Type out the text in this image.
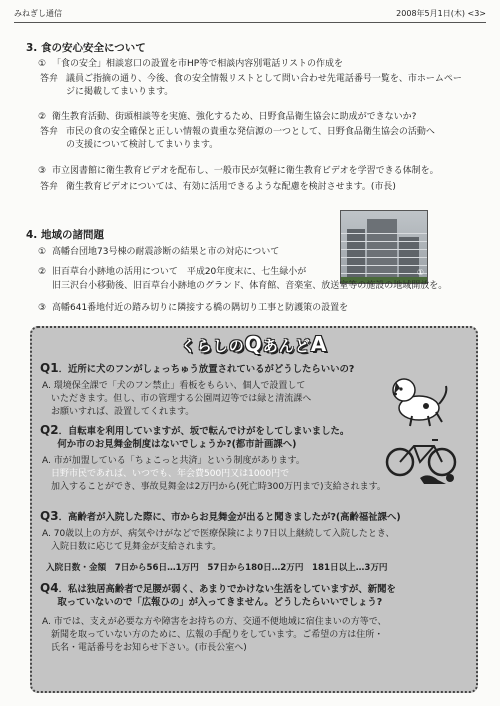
みねぎし通信	2008年5月1日(木) <3>
3. 食の安心安全について
① 「食の安全」相談窓口の設置を市HP等で相談内容別電話リストの作成を
答弁 議員ご指摘の通り、今後、食の安全情報リストとして問い合わせ先電話番号一覧を、市ホームペー
ジに掲載してまいります。
② 衛生教育活動、街頭相談等を実施、強化するため、日野食品衛生協会に助成ができないか?
答弁 市民の食の安全確保と正しい情報の貴重な発信源の一つとして、日野食品衛生協会の活動へ
の支援について検討してまいります。
③ 市立図書館に衛生教育ビデオを配布し、一般市民が気軽に衛生教育ビデオを学習できる体制を。
答弁 衛生教育ビデオについては、有効に活用できるような配慮を検討させます。(市長)
4. 地域の諸問題
①
① 高幡台団地73号棟の耐震診断の結果と市の対応について
② 旧百草台小跡地の活用について　平成20年度末に、七生緑小が
旧三沢台小移動後、旧百草台小跡地のグランド、体育館、音楽室、放送室等の施設の地域開放を。
③ 高幡641番地付近の踏み切りに隣接する橋の隅切り工事と防護策の設置を
くらしのQあんどA
Q1．近所に犬のフンがしょっちゅう放置されているがどうしたらいいの?
A. 環境保全課で「犬のフン禁止」看板をもらい、個人で設置して
　いただきます。但し、市の管理する公園周辺等では緑と清流課へ
　お願いすれば、設置してくれます。
Q2．自転車を利用していますが、坂で転んでけがをしてしまいました。
　何か市のお見舞金制度はないでしょうか?(都市計画課へ)
A. 市が加盟している「ちょこっと共済」という制度があります。
　日野市民であれば、いつでも、年会費500円又は1000円で
　加入することができ、事故見舞金は2万円から(死亡時300万円まで)支給されます。
Q3．高齢者が入院した際に、市からお見舞金が出ると聞きましたが?(高齢福祉課へ)
A. 70歳以上の方が、病気やけがなどで医療保険により7日以上継続して入院したとき、
　入院日数に応じて見舞金が支給されます。
入院日数・金額　7日から56日…1万円　57日から180日…2万円　181日以上…3万円
Q4．私は独居高齢者で足腰が弱く、あまりでかけない生活をしていますが、新聞を
　取っていないので「広報ひの」が入ってきません。どうしたらいいでしょう?
A. 市では、支えが必要な方や障害をお持ちの方、交通不便地域に宿住まいの方等で、
　新聞を取っていない方のために、広報の手配りをしています。ご希望の方は住所・
　氏名・電話番号をお知らせ下さい。(市長公室へ)
